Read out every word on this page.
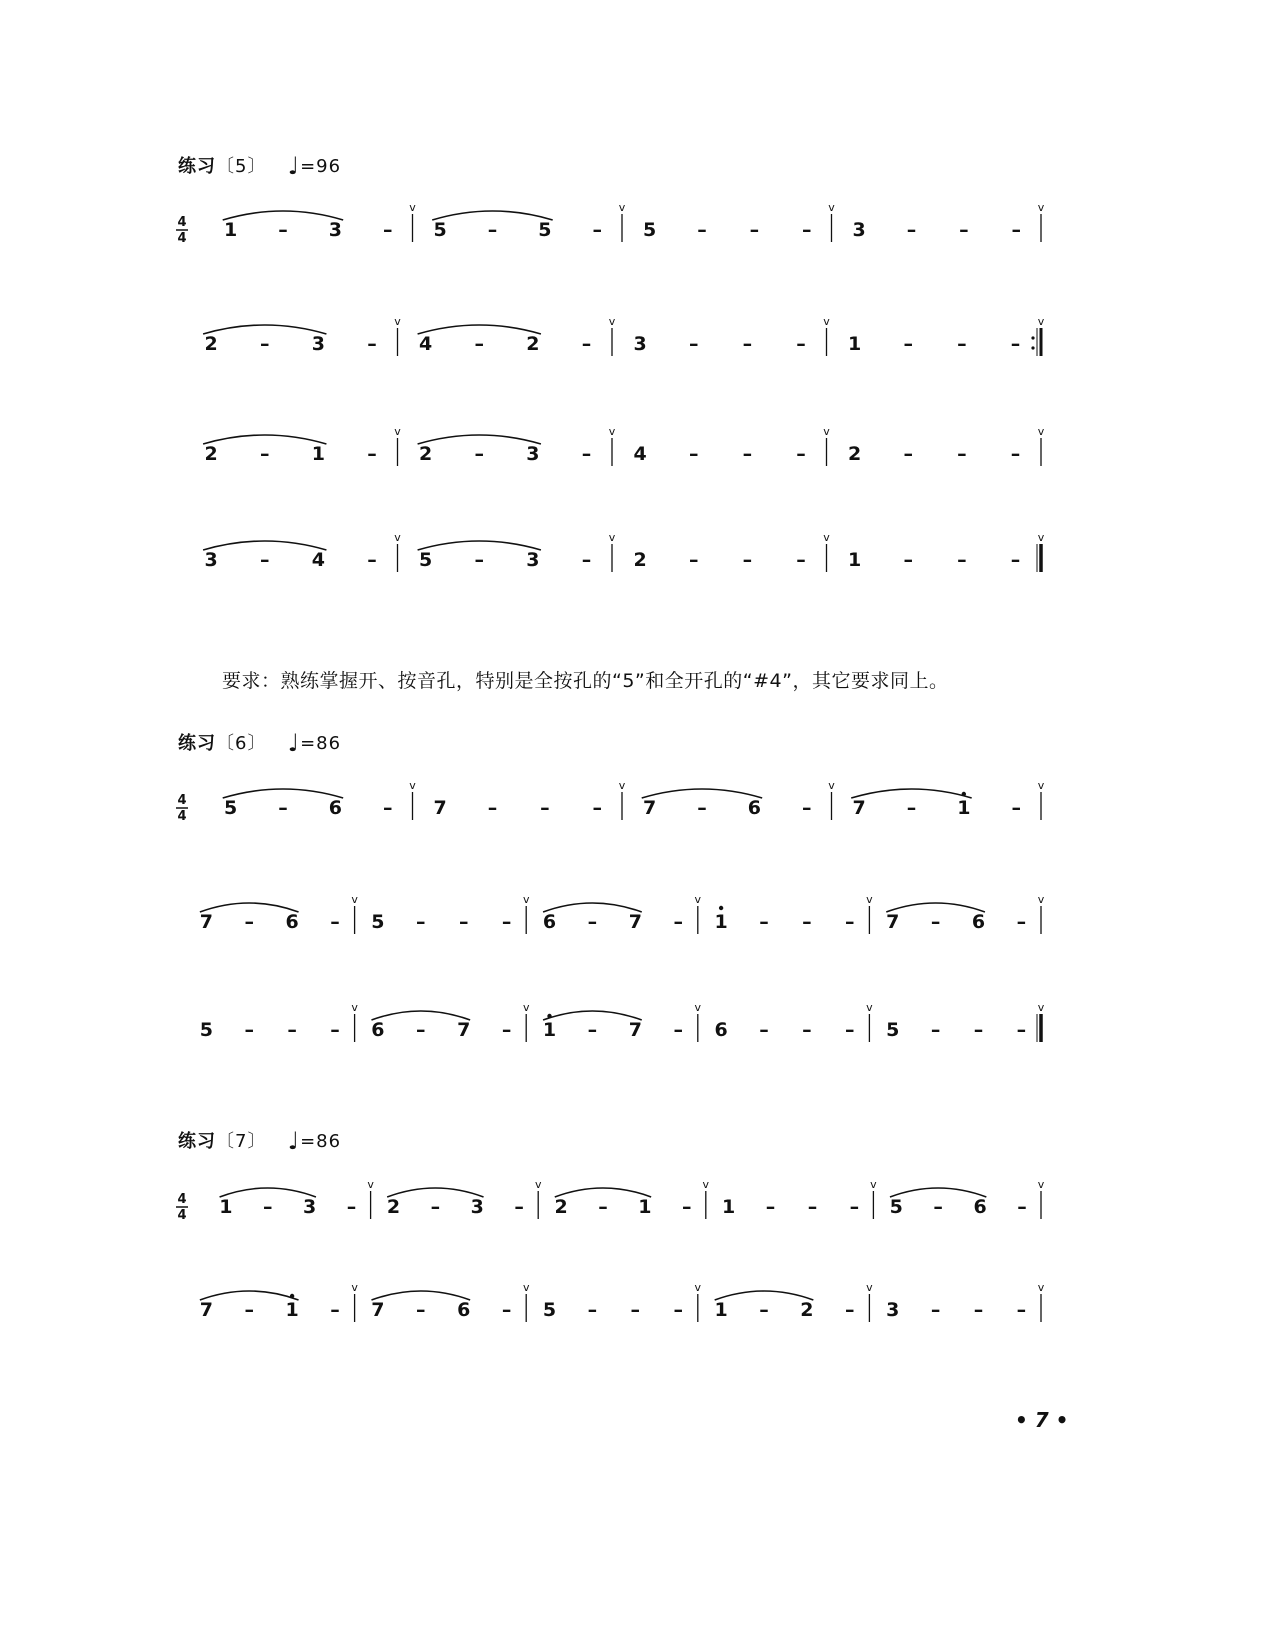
练习〔5〕 ♩=96
练习〔6〕 ♩=86
练习〔7〕 ♩=86
4
4 1 – 3 –
v
5 – 5 –
v
5 – – –
v
3 – – –
v
2 – 3 –
v
4 – 2 –
v
3 – – –
v
1 – – –
v
2 – 1 –
v
2 – 3 –
v
4 – – –
v
2 – – –
v
3 – 4 –
v
5 – 3 –
v
2 – – –
v
1 – – –
v
4
4 5 – 6 –
v
7 – – –
v
7 – 6 –
v
7 – 1 –
v
7 – 6 –
v
5 – – –
v
6 – 7 –
v
1 – – –
v
7 – 6 –
v
5 – – –
v
6 – 7 –
v
1 – 7 –
v
6 – – –
v
5 – – –
v
4
4 1 – 3 –
v
2 – 3 –
v
2 – 1 –
v
1 – – –
v
5 – 6 –
v
7 – 1 –
v
7 – 6 –
v
5 – – –
v
1 – 2 –
v
3 – – –
v
要求：熟练掌握开、按音孔，特别是全按孔的“5”和全开孔的“#4”，其它要求同上。
• 7 •
